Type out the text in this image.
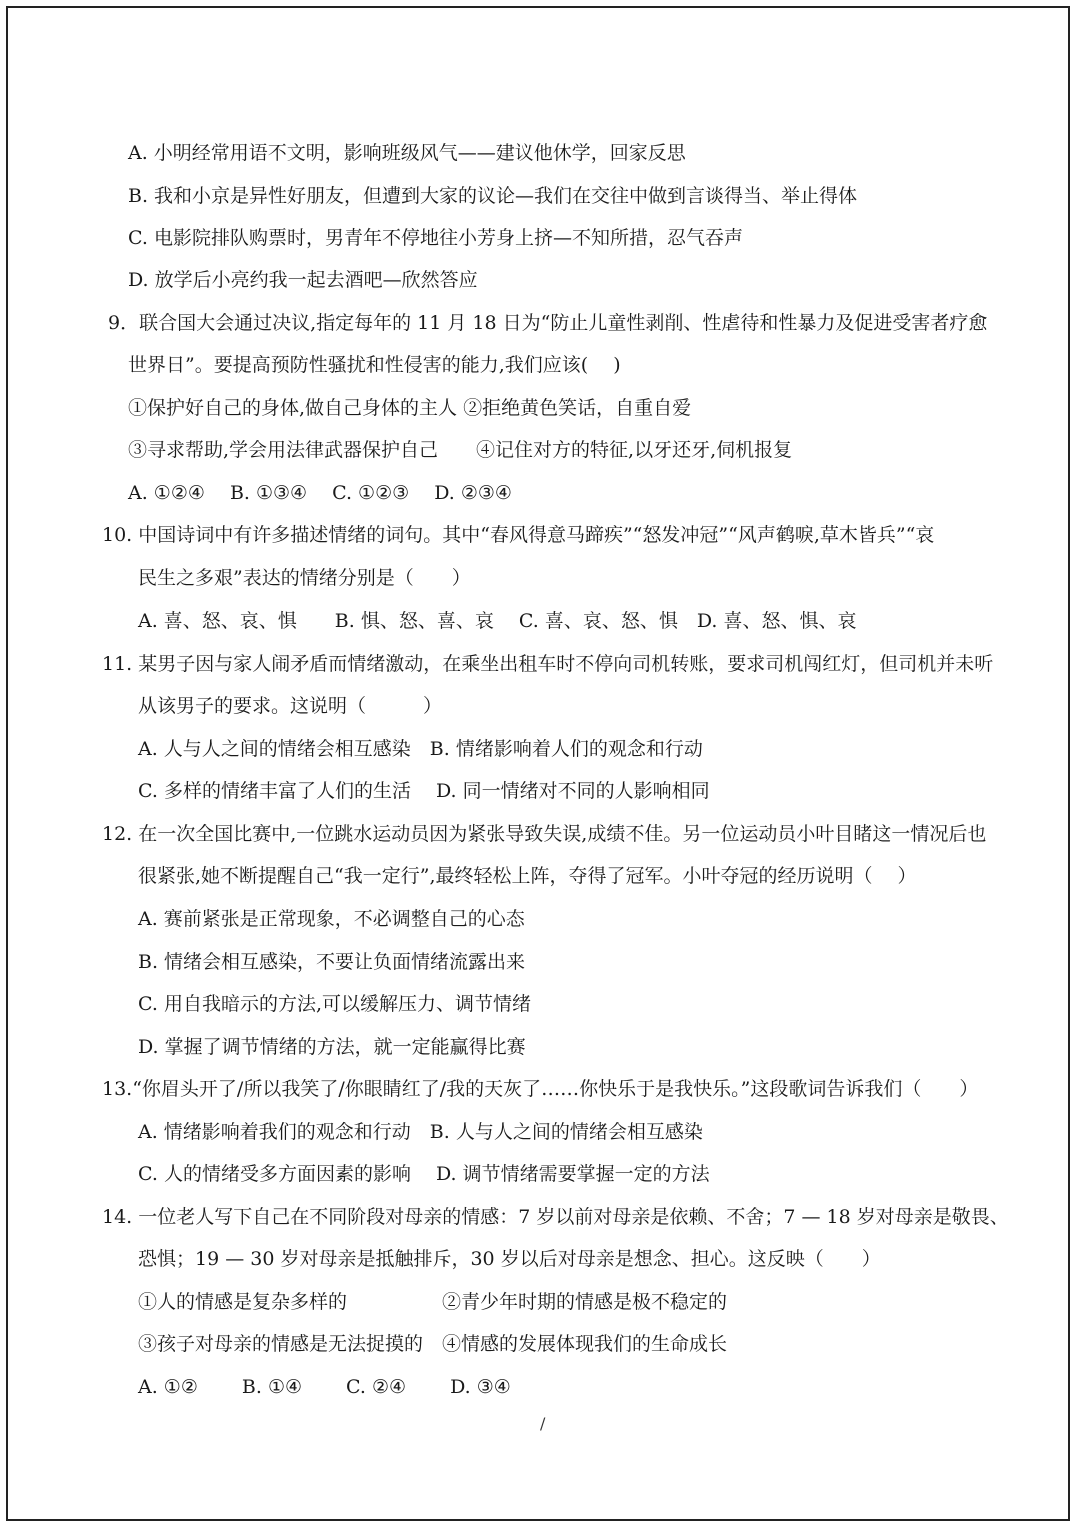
A. 小明经常用语不文明，影响班级风气——建议他休学，回家反思
B. 我和小京是异性好朋友，但遭到大家的议论—我们在交往中做到言谈得当、举止得体
C. 电影院排队购票时，男青年不停地往小芳身上挤—不知所措，忍气吞声
D. 放学后小亮约我一起去酒吧—欣然答应
9．联合国大会通过决议,指定每年的 11 月 18 日为“防止儿童性剥削、性虐待和性暴力及促进受害者疗愈
世界日”。要提高预防性骚扰和性侵害的能力,我们应该(　 )
①保护好自己的身体,做自己身体的主人 ②拒绝黄色笑话，自重自爱
③寻求帮助,学会用法律武器保护自己　　④记住对方的特征,以牙还牙,伺机报复
A. ①②④　 B. ①③④　 C. ①②③　 D. ②③④
10. 中国诗词中有许多描述情绪的词句。其中“春风得意马蹄疾”“怒发冲冠”“风声鹤唳,草木皆兵”“哀
民生之多艰”表达的情绪分别是（　　）
A. 喜、怒、哀、惧　　B. 惧、怒、喜、哀　 C. 喜、哀、怒、惧　D. 喜、怒、惧、哀
11. 某男子因与家人闹矛盾而情绪激动，在乘坐出租车时不停向司机转账，要求司机闯红灯，但司机并未听
从该男子的要求。这说明（　　　）
A. 人与人之间的情绪会相互感染　B. 情绪影响着人们的观念和行动
C. 多样的情绪丰富了人们的生活　 D. 同一情绪对不同的人影响相同
12. 在一次全国比赛中,一位跳水运动员因为紧张导致失误,成绩不佳。另一位运动员小叶目睹这一情况后也
很紧张,她不断提醒自己“我一定行”,最终轻松上阵，夺得了冠军。小叶夺冠的经历说明（　 ）
A. 赛前紧张是正常现象，不必调整自己的心态
B. 情绪会相互感染，不要让负面情绪流露出来
C. 用自我暗示的方法,可以缓解压力、调节情绪
D. 掌握了调节情绪的方法，就一定能赢得比赛
13.“你眉头开了/所以我笑了/你眼睛红了/我的天灰了……你快乐于是我快乐。”这段歌词告诉我们（　　）
A. 情绪影响着我们的观念和行动　B. 人与人之间的情绪会相互感染
C. 人的情绪受多方面因素的影响　 D. 调节情绪需要掌握一定的方法
14. 一位老人写下自己在不同阶段对母亲的情感：7 岁以前对母亲是依赖、不舍；7 — 18 岁对母亲是敬畏、
恐惧；19 — 30 岁对母亲是抵触排斥，30 岁以后对母亲是想念、担心。这反映（　　）
①人的情感是复杂多样的	②青少年时期的情感是极不稳定的
③孩子对母亲的情感是无法捉摸的 ④情感的发展体现我们的生命成长
A. ①②　　 B. ①④　　 C. ②④　　 D. ③④
/
